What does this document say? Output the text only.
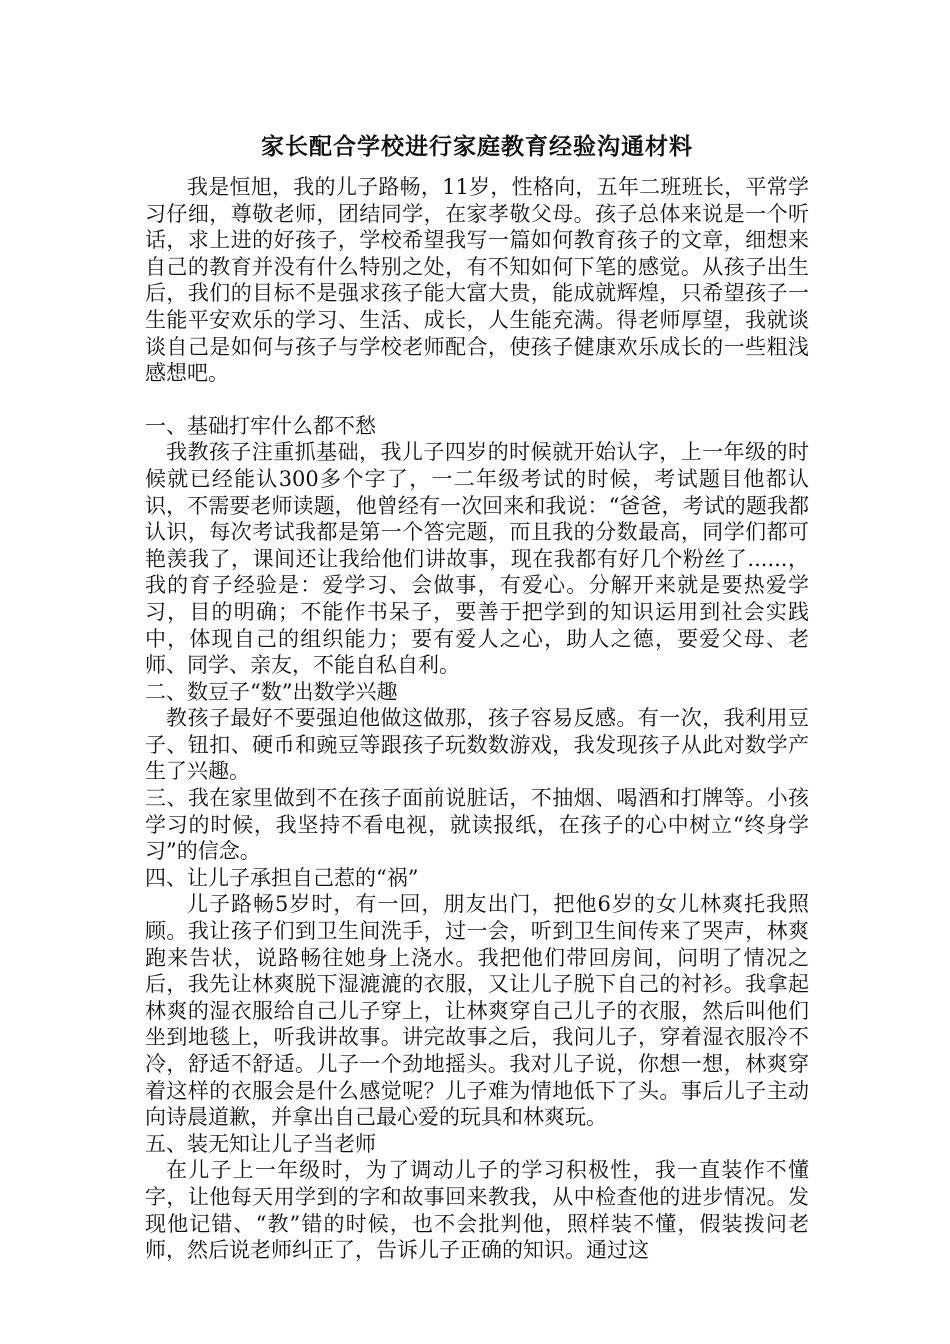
家长配合学校进行家庭教育经验沟通材料

我是恒旭，我的儿子路畅，11岁，性格向，五年二班班长，平常学习仔细，尊敬老师，团结同学，在家孝敬父母。孩子总体来说是一个听话，求上进的好孩子，学校希望我写一篇如何教育孩子的文章，细想来自己的教育并没有什么特别之处，有不知如何下笔的感觉。从孩子出生后，我们的目标不是强求孩子能大富大贵，能成就辉煌，只希望孩子一生能平安欢乐的学习、生活、成长，人生能充满。得老师厚望，我就谈谈自己是如何与孩子与学校老师配合，使孩子健康欢乐成长的一些粗浅感想吧。

一、基础打牢什么都不愁

我教孩子注重抓基础，我儿子四岁的时候就开始认字，上一年级的时候就已经能认300多个字了，一二年级考试的时候，考试题目他都认识，不需要老师读题，他曾经有一次回来和我说：“爸爸，考试的题我都认识，每次考试我都是第一个答完题，而且我的分数最高，同学们都可艳羡我了，课间还让我给他们讲故事，现在我都有好几个粉丝了......，我的育子经验是：爱学习、会做事，有爱心。分解开来就是要热爱学习，目的明确；不能作书呆子，要善于把学到的知识运用到社会实践中，体现自己的组织能力；要有爱人之心，助人之德，要爱父母、老师、同学、亲友，不能自私自利。

二、数豆子“数”出数学兴趣

教孩子最好不要强迫他做这做那，孩子容易反感。有一次，我利用豆子、钮扣、硬币和豌豆等跟孩子玩数数游戏，我发现孩子从此对数学产生了兴趣。

三、我在家里做到不在孩子面前说脏话，不抽烟、喝酒和打牌等。小孩学习的时候，我坚持不看电视，就读报纸，在孩子的心中树立“终身学习”的信念。

四、让儿子承担自己惹的“祸”

儿子路畅5岁时，有一回，朋友出门，把他6岁的女儿林爽托我照顾。我让孩子们到卫生间洗手，过一会，听到卫生间传来了哭声，林爽跑来告状，说路畅往她身上浇水。我把他们带回房间，问明了情况之后，我先让林爽脱下湿漉漉的衣服，又让儿子脱下自己的衬衫。我拿起林爽的湿衣服给自己儿子穿上，让林爽穿自己儿子的衣服，然后叫他们坐到地毯上，听我讲故事。讲完故事之后，我问儿子，穿着湿衣服冷不冷，舒适不舒适。儿子一个劲地摇头。我对儿子说，你想一想，林爽穿着这样的衣服会是什么感觉呢？儿子难为情地低下了头。事后儿子主动向诗晨道歉，并拿出自己最心爱的玩具和林爽玩。

五、装无知让儿子当老师

在儿子上一年级时，为了调动儿子的学习积极性，我一直装作不懂字，让他每天用学到的字和故事回来教我，从中检查他的进步情况。发现他记错、“教”错的时候，也不会批判他，照样装不懂，假装拨问老师，然后说老师纠正了，告诉儿子正确的知识。通过这
